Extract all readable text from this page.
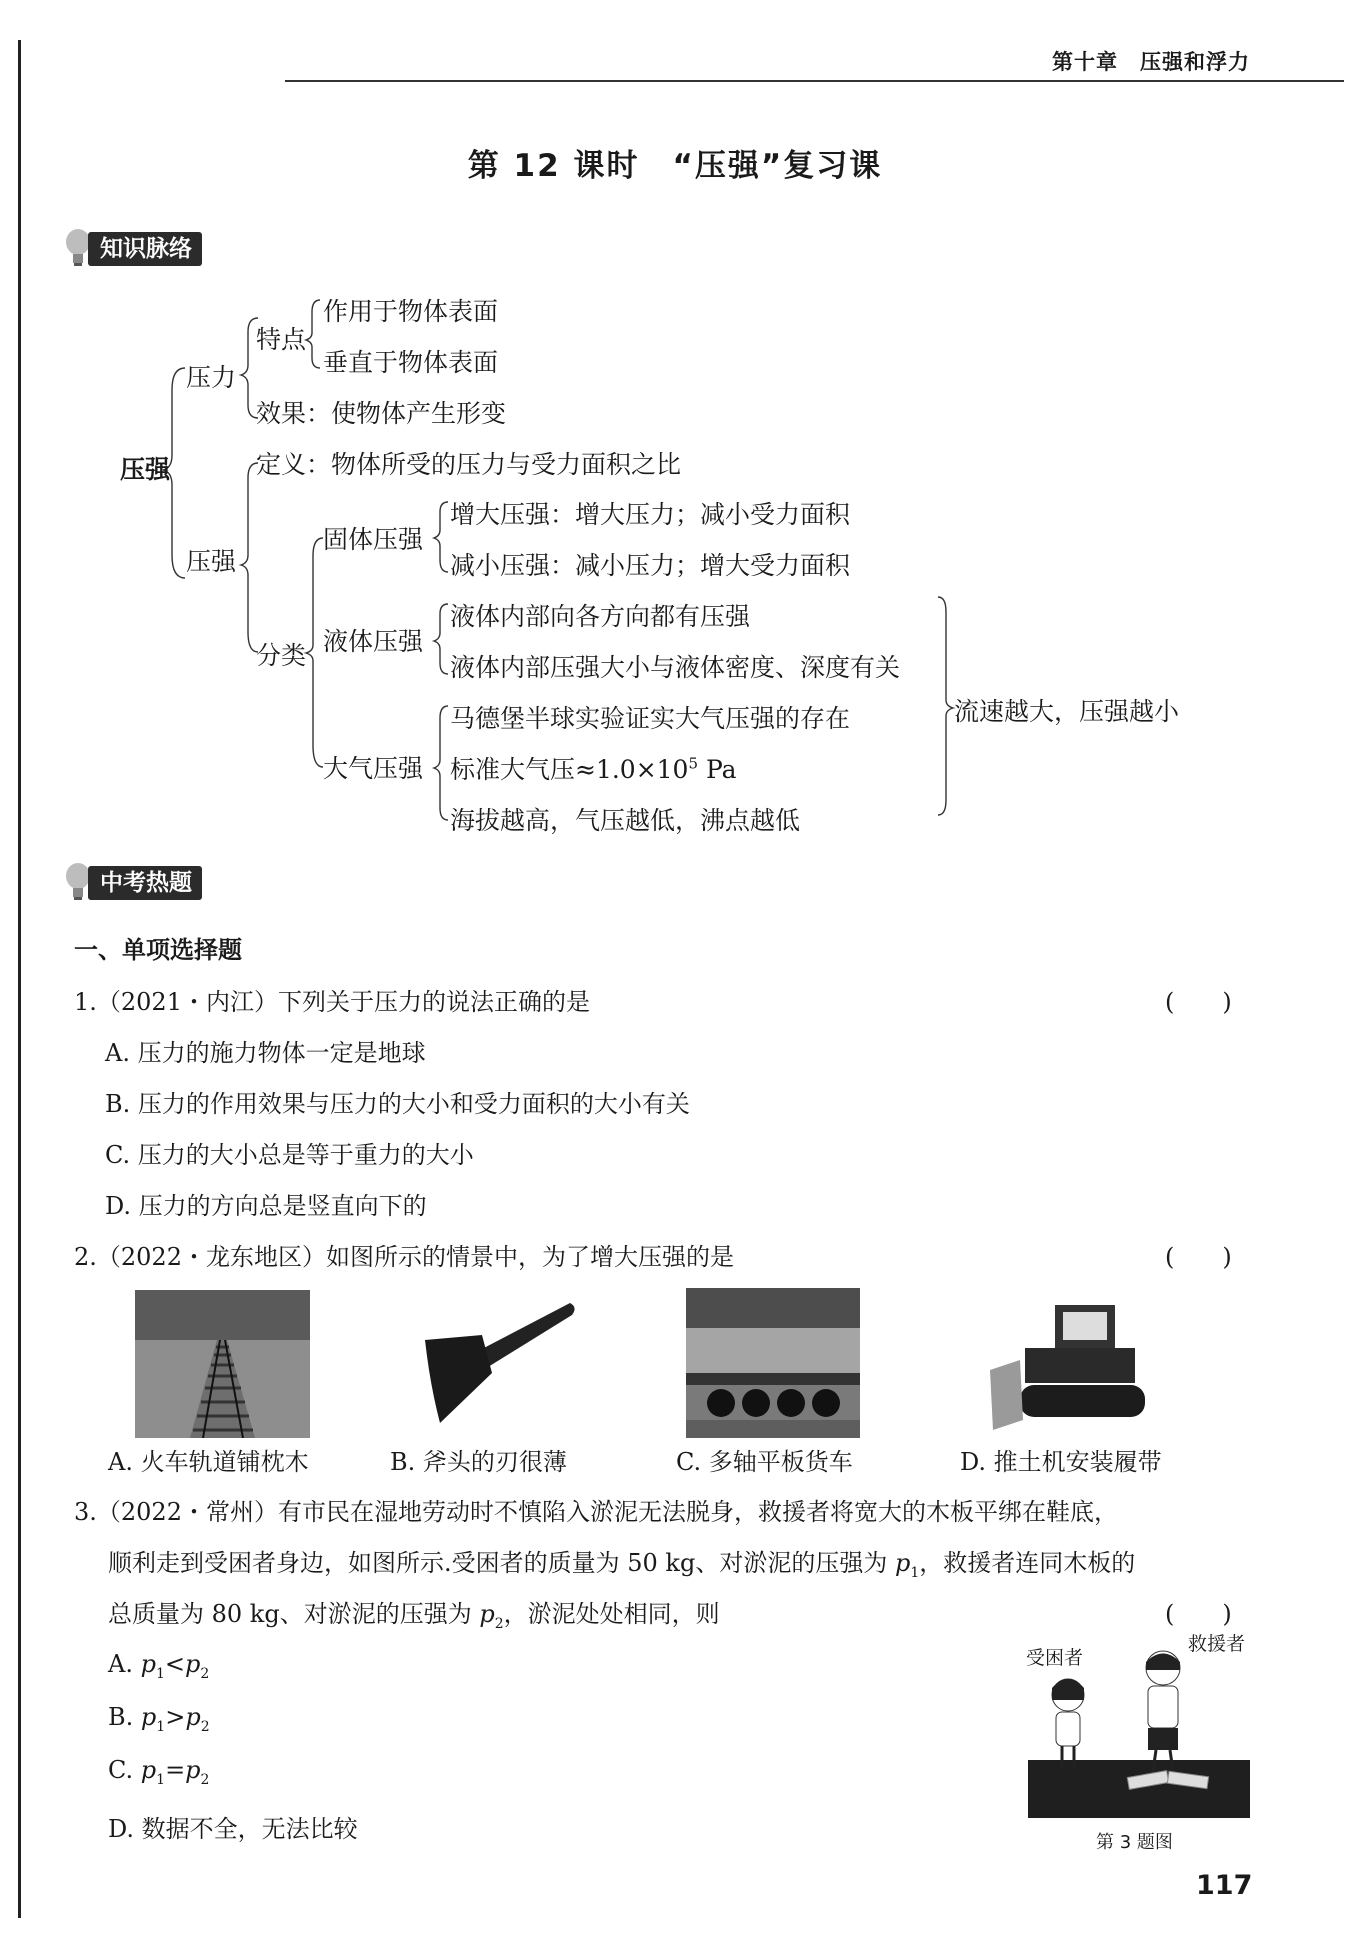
第十章　压强和浮力
第 12 课时　“压强”复习课
知识脉络
压强
压力
特点
作用于物体表面
垂直于物体表面
效果：使物体产生形变
压强
定义：物体所受的压力与受力面积之比
分类
固体压强
增大压强：增大压力；减小受力面积
减小压强：减小压力；增大受力面积
液体压强
液体内部向各方向都有压强
液体内部压强大小与液体密度、深度有关
大气压强
马德堡半球实验证实大气压强的存在
标准大气压$\approx 1.0\times 10^5$ Pa
海拔越高，气压越低，沸点越低
流速越大，压强越小
中考热题
一、单项选择题
1.（2021・内江）下列关于压力的说法正确的是	(　　)
A. 压力的施力物体一定是地球
B. 压力的作用效果与压力的大小和受力面积的大小有关
C. 压力的大小总是等于重力的大小
D. 压力的方向总是竖直向下的
2.（2022・龙东地区）如图所示的情景中，为了增大压强的是	(　　)
A. 火车轨道铺枕木	B. 斧头的刃很薄	C. 多轴平板货车	D. 推土机安装履带
3.（2022・常州）有市民在湿地劳动时不慎陷入淤泥无法脱身，救援者将宽大的木板平绑在鞋底，
顺利走到受困者身边，如图所示.受困者的质量为 50 kg、对淤泥的压强为 $p_1$，救援者连同木板的
总质量为 80 kg、对淤泥的压强为 $p_2$，淤泥处处相同，则	(　　)
A. $p_1<p_2$
B. $p_1>p_2$
C. $p_1=p_2$
D. 数据不全，无法比较
受困者
救援者
第 3 题图
117
